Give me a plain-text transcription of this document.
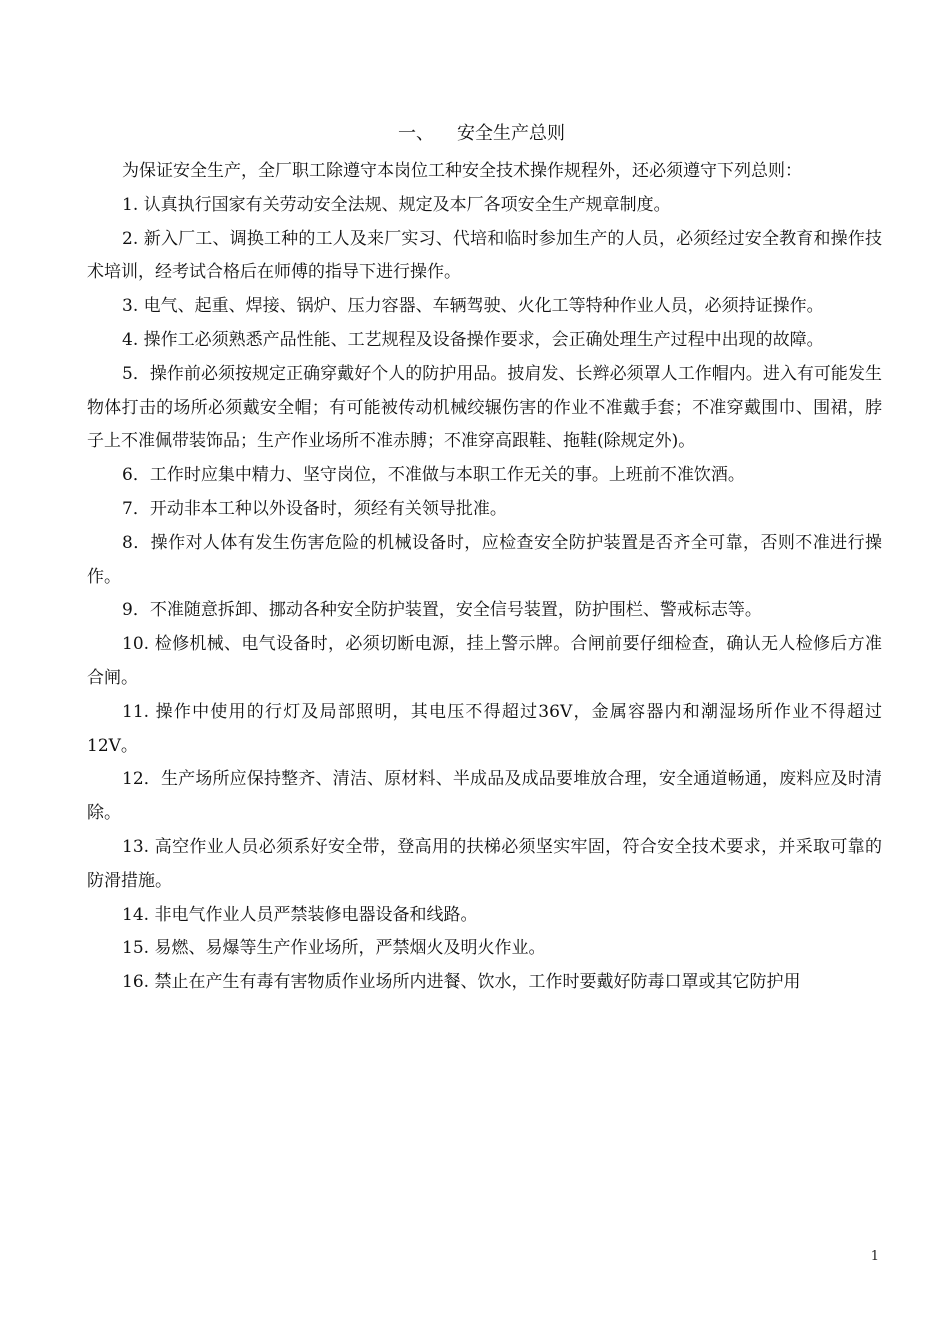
一、 安全生产总则

为保证安全生产，全厂职工除遵守本岗位工种安全技术操作规程外，还必须遵守下列总则：

1. 认真执行国家有关劳动安全法规、规定及本厂各项安全生产规章制度。

2. 新入厂工、调换工种的工人及来厂实习、代培和临时参加生产的人员，必须经过安全教育和操作技术培训，经考试合格后在师傅的指导下进行操作。

3. 电气、起重、焊接、锅炉、压力容器、车辆驾驶、火化工等特种作业人员，必须持证操作。

4. 操作工必须熟悉产品性能、工艺规程及设备操作要求，会正确处理生产过程中出现的故障。

5．操作前必须按规定正确穿戴好个人的防护用品。披肩发、长辫必须罩人工作帽内。进入有可能发生物体打击的场所必须戴安全帽；有可能被传动机械绞辗伤害的作业不准戴手套；不准穿戴围巾、围裙，脖子上不准佩带装饰品；生产作业场所不准赤膊；不准穿高跟鞋、拖鞋(除规定外)。

6．工作时应集中精力、坚守岗位，不准做与本职工作无关的事。上班前不准饮酒。

7．开动非本工种以外设备时，须经有关领导批准。

8．操作对人体有发生伤害危险的机械设备时，应检查安全防护装置是否齐全可靠，否则不准进行操作。

9．不准随意拆卸、挪动各种安全防护装置，安全信号装置，防护围栏、警戒标志等。

10. 检修机械、电气设备时，必须切断电源，挂上警示牌。合闸前要仔细检查，确认无人检修后方准合闸。

11. 操作中使用的行灯及局部照明，其电压不得超过36V，金属容器内和潮湿场所作业不得超过12V。

12．生产场所应保持整齐、清洁、原材料、半成品及成品要堆放合理，安全通道畅通，废料应及时清除。

13. 高空作业人员必须系好安全带，登高用的扶梯必须坚实牢固，符合安全技术要求，并采取可靠的防滑措施。

14. 非电气作业人员严禁装修电器设备和线路。

15. 易燃、易爆等生产作业场所，严禁烟火及明火作业。

16. 禁止在产生有毒有害物质作业场所内进餐、饮水，工作时要戴好防毒口罩或其它防护用

1
